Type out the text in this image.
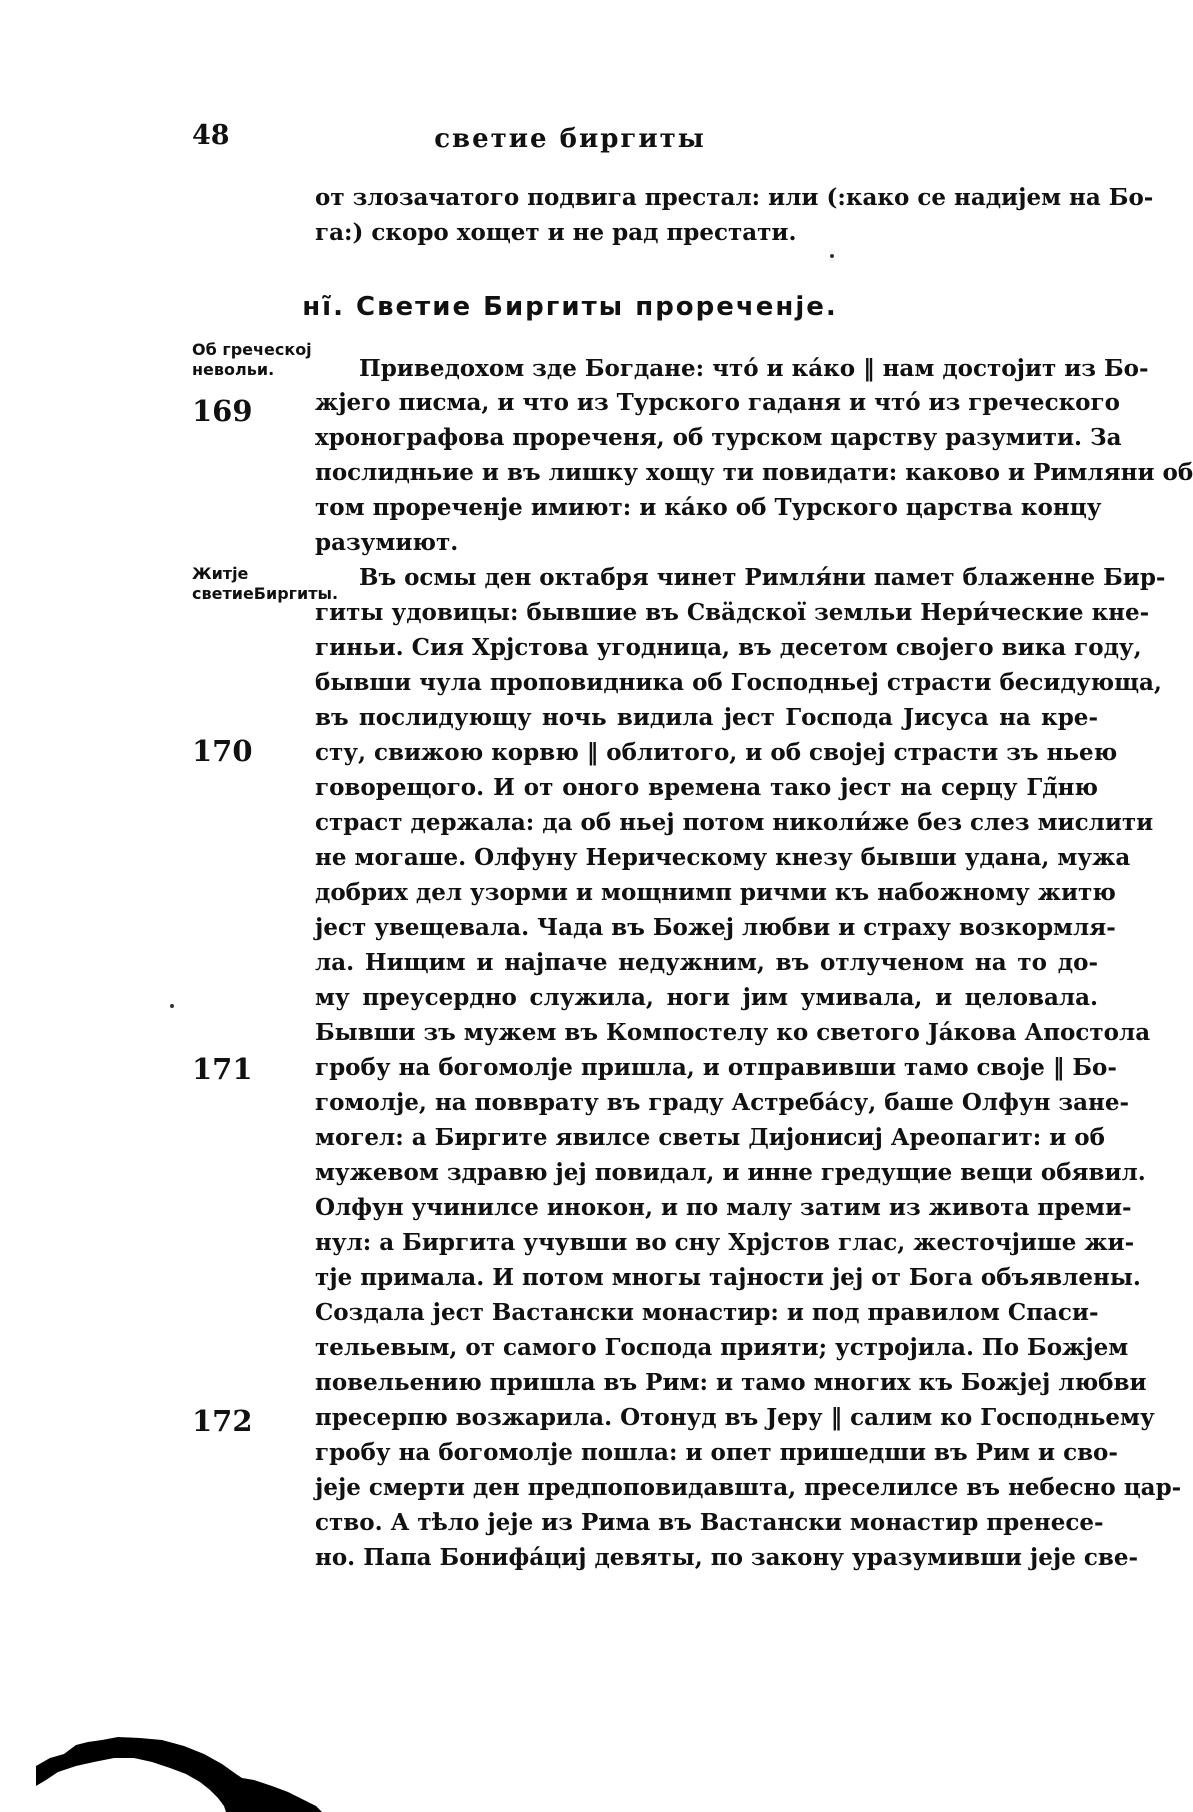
48	светие биргиты
от злозачатого подвига престал: или (:како се надијем на Бо-
га:) скоро хощет и не рад престати.
нı̃. Светие Биргиты прореченје.
Об греческој невольи.
Житје светиеБиргиты.
169
170
171
172
Приведохом зде Богдане: что́ и ка́ко ‖ нам достојит из Бо-
жјего писма, и что из Турского гаданя и что́ из греческого
хронографова прореченя, об турском царству разумити. За
послидньие и въ лишку хощу ти повидати: каково и Римляни об
том прореченје имиют: и ка́ко об Турского царства концу
разумиют.
Въ осмы ден октабря чинет Римля́ни памет блаженне Бир-
гиты удовицы: бывшие въ Свäдскої земльи Нери́ческие кне-
гиньи. Сия Хрјстова угодница, въ десетом својего вика году,
бывши чула проповидника об Господньеј страсти бесидующа,
въ послидующу ночь видила јест Господа Јисуса на кре-
сту, свижою корвю ‖ облитого, и об својеј страсти зъ ньею
говорещого. И от оного времена тако јест на серцу Гд̃ню
страст держала: да об ньеј потом николи́же без слез мислити
не могаше. Олфуну Нерическому кнезу бывши удана, мужа
добрих дел узорми и мощнимп ричми къ набожному житю
јест увещевала. Чада въ Божеј любви и страху возкормля-
ла. Нищим и најпаче недужним, въ отлученом на то до-
му преусердно служила, ноги јим умивала, и целовала.
Бывши зъ мужем въ Компостелу ко светого Ја́кова Апостола
гробу на богомолје пришла, и отправивши тамо своје ‖ Бо-
гомолје, на повврату въ граду Астребáсу, баше Олфун зане-
могел: а Биргите явилсе светы Дијонисиј Ареопагит: и об
мужевом здравю јеј повидал, и инне гредущие вещи обявил.
Олфун учинилсе инокон, и по малу затим из живота преми-
нул: а Биргита учувши во сну Хрјстов глас, жесточјише жи-
тје примала. И потом многы тајности јеј от Бога объявлены.
Создала јест Вастански монастир: и под правилом Спаси-
тельевым, от самого Господа прияти; устројила. По Божјем
повельению пришла въ Рим: и тамо многих къ Божјеј любви
пресерпю возжарила. Отонуд въ Јеру ‖ салим ко Господньему
гробу на богомолје пошла: и опет пришедши въ Рим и сво-
јеје смерти ден предпоповидавшта, преселилсе въ небесно цар-
ство. А тѣло јеје из Рима въ Вастански монастир пренесе-
но. Папа Бонифа́циј девяты, по закону уразумивши јеје све-
